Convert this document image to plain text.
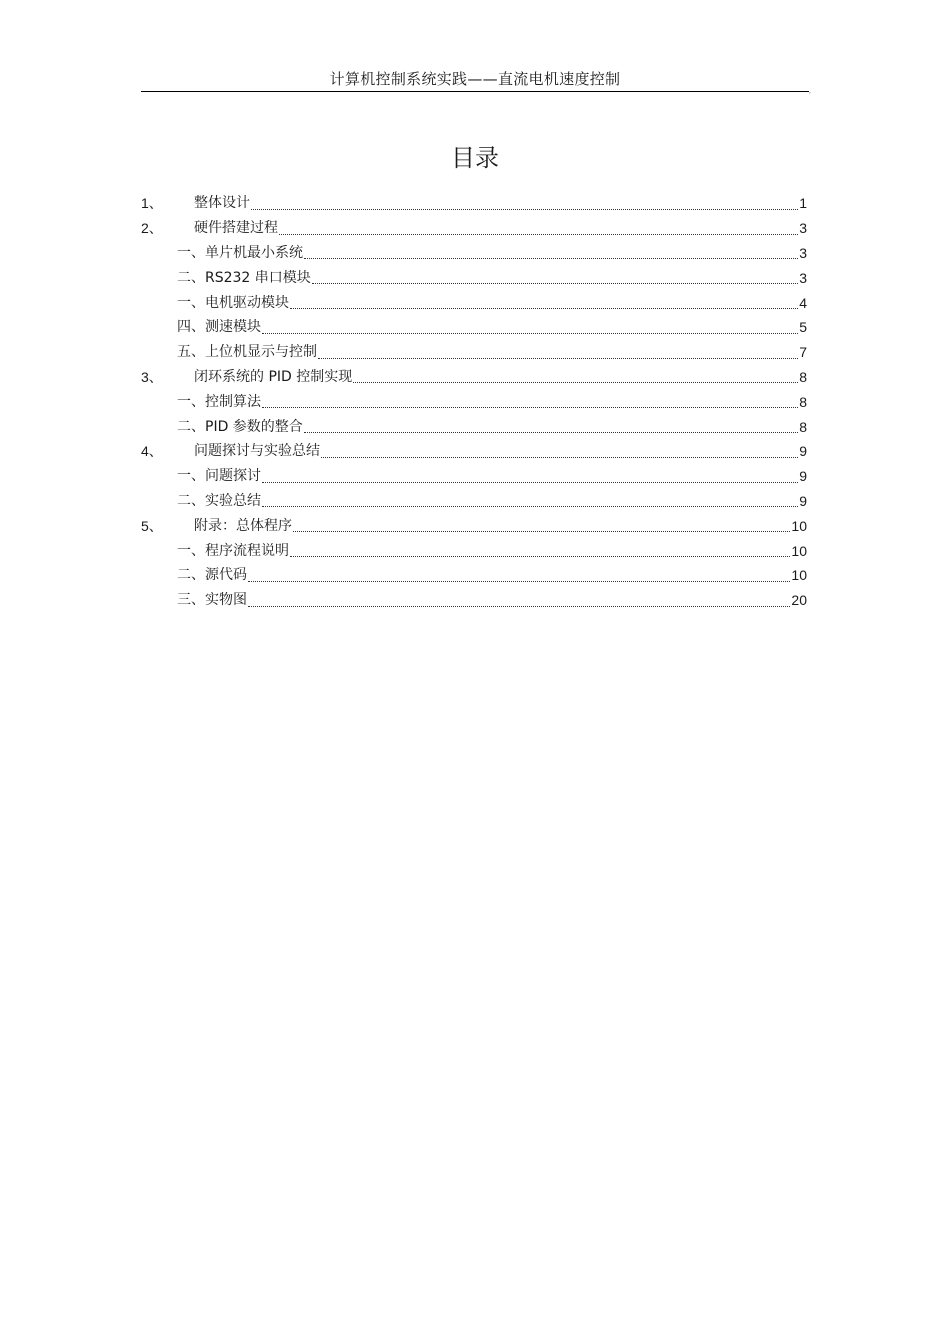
计算机控制系统实践——直流电机速度控制
,
目录
1、	整体设计	1
2、	硬件搭建过程	3
一、单片机最小系统	3
二、RS232 串口模块	3
一、电机驱动模块	4
四、测速模块	5
五、上位机显示与控制	7
3、	闭环系统的 PID 控制实现	8
一、控制算法	8
二、PID 参数的整合	8
4、	问题探讨与实验总结	9
一、问题探讨	9
二、实验总结	9
5、	附录：总体程序	10
一、程序流程说明	10
二、源代码	10
三、实物图	20
